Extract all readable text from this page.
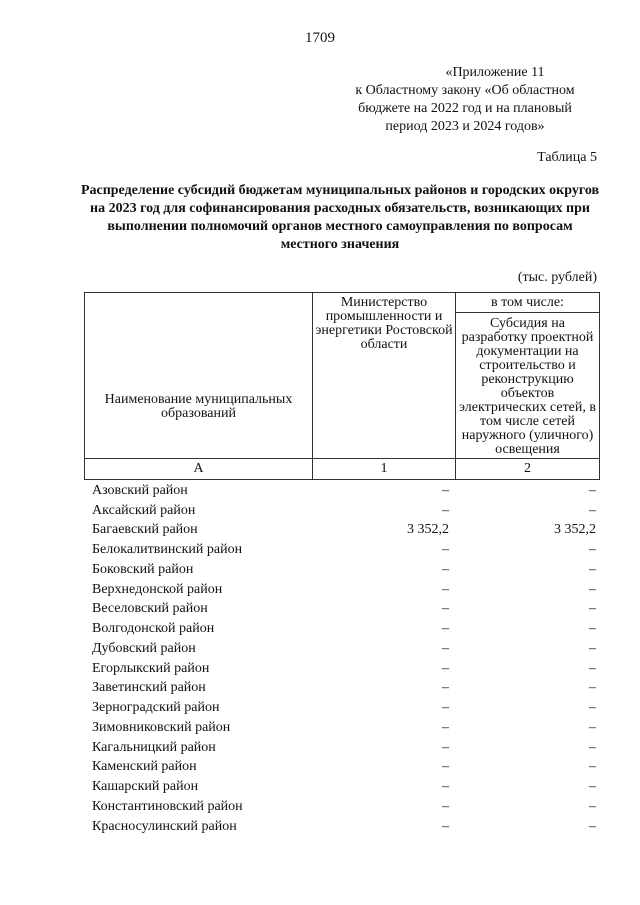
1709
«Приложение 11
к Областному закону «Об областном
бюджете на 2022 год и на плановый
период 2023 и 2024 годов»
Таблица 5
Распределение субсидий бюджетам муниципальных районов и городских округов на 2023 год для софинансирования расходных обязательств, возникающих при выполнении полномочий органов местного самоуправления по вопросам местного значения
(тыс. рублей)
Наименование муниципальных образований	Министерство промышленности и энергетики Ростовской области	в том числе:
		Субсидия на разработку проектной документации на строительство и реконструкцию объектов электрических сетей, в том числе сетей наружного (уличного) освещения
А	1	2
Азовский район	–	–
Аксайский район	–	–
Багаевский район	3 352,2	3 352,2
Белокалитвинский район	–	–
Боковский район	–	–
Верхнедонской район	–	–
Веселовский район	–	–
Волгодонской район	–	–
Дубовский район	–	–
Егорлыкский район	–	–
Заветинский район	–	–
Зерноградский район	–	–
Зимовниковский район	–	–
Кагальницкий район	–	–
Каменский район	–	–
Кашарский район	–	–
Константиновский район	–	–
Красносулинский район	–	–
